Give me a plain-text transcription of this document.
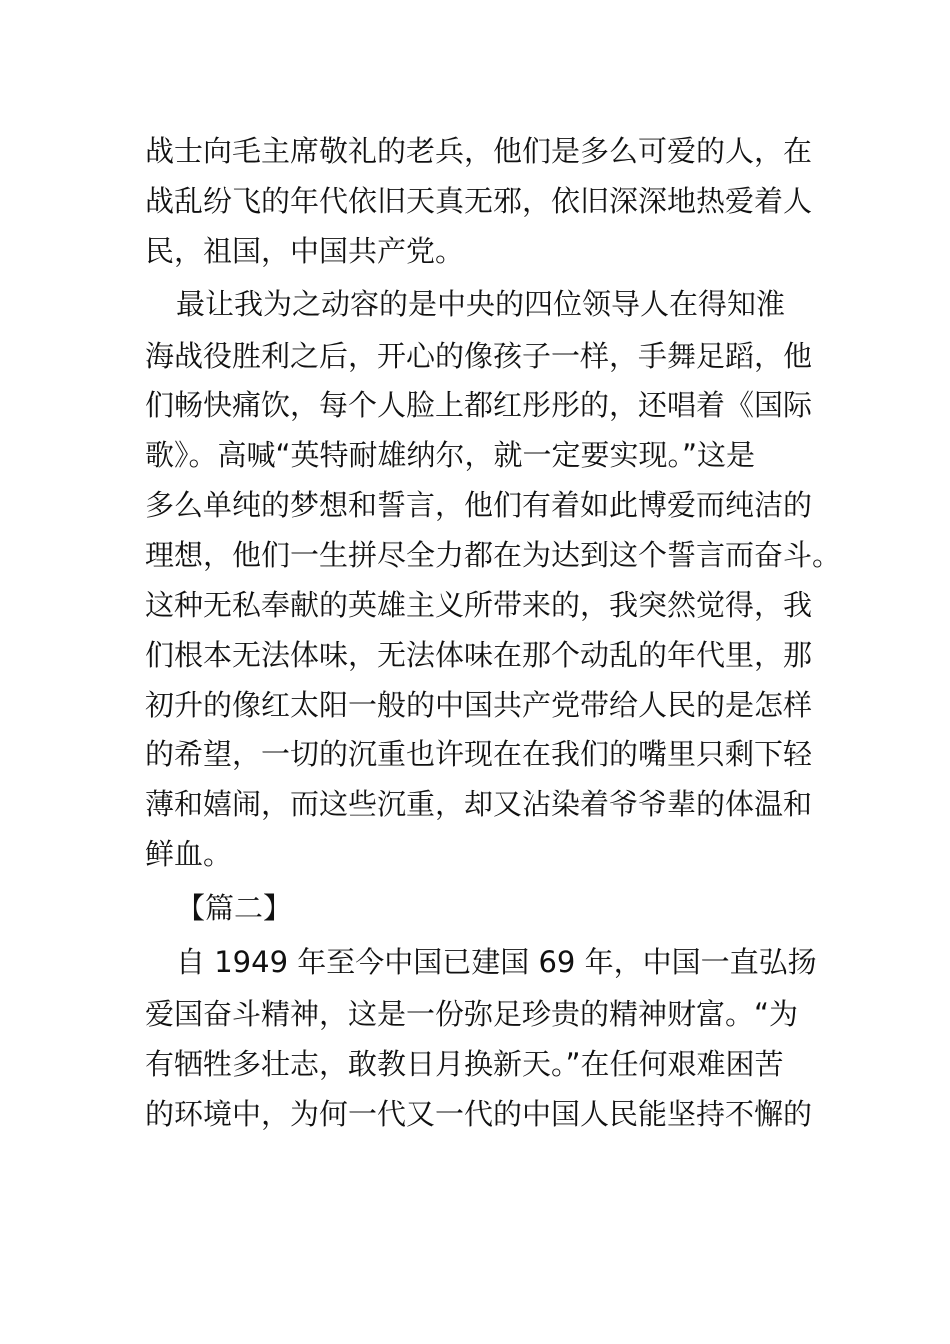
战士向毛主席敬礼的老兵，他们是多么可爱的人，在
战乱纷飞的年代依旧天真无邪，依旧深深地热爱着人
民，祖国，中国共产党。
最让我为之动容的是中央的四位领导人在得知淮
海战役胜利之后，开心的像孩子一样，手舞足蹈，他
们畅快痛饮，每个人脸上都红彤彤的，还唱着《国际
歌》。高喊“英特耐雄纳尔，就一定要实现。”这是
多么单纯的梦想和誓言，他们有着如此博爱而纯洁的
理想，他们一生拼尽全力都在为达到这个誓言而奋斗。
这种无私奉献的英雄主义所带来的，我突然觉得，我
们根本无法体味，无法体味在那个动乱的年代里，那
初升的像红太阳一般的中国共产党带给人民的是怎样
的希望，一切的沉重也许现在在我们的嘴里只剩下轻
薄和嬉闹，而这些沉重，却又沾染着爷爷辈的体温和
鲜血。
【篇二】
自 1949 年至今中国已建国 69 年，中国一直弘扬
爱国奋斗精神，这是一份弥足珍贵的精神财富。“为
有牺牲多壮志，敢教日月换新天。”在任何艰难困苦
的环境中，为何一代又一代的中国人民能坚持不懈的
